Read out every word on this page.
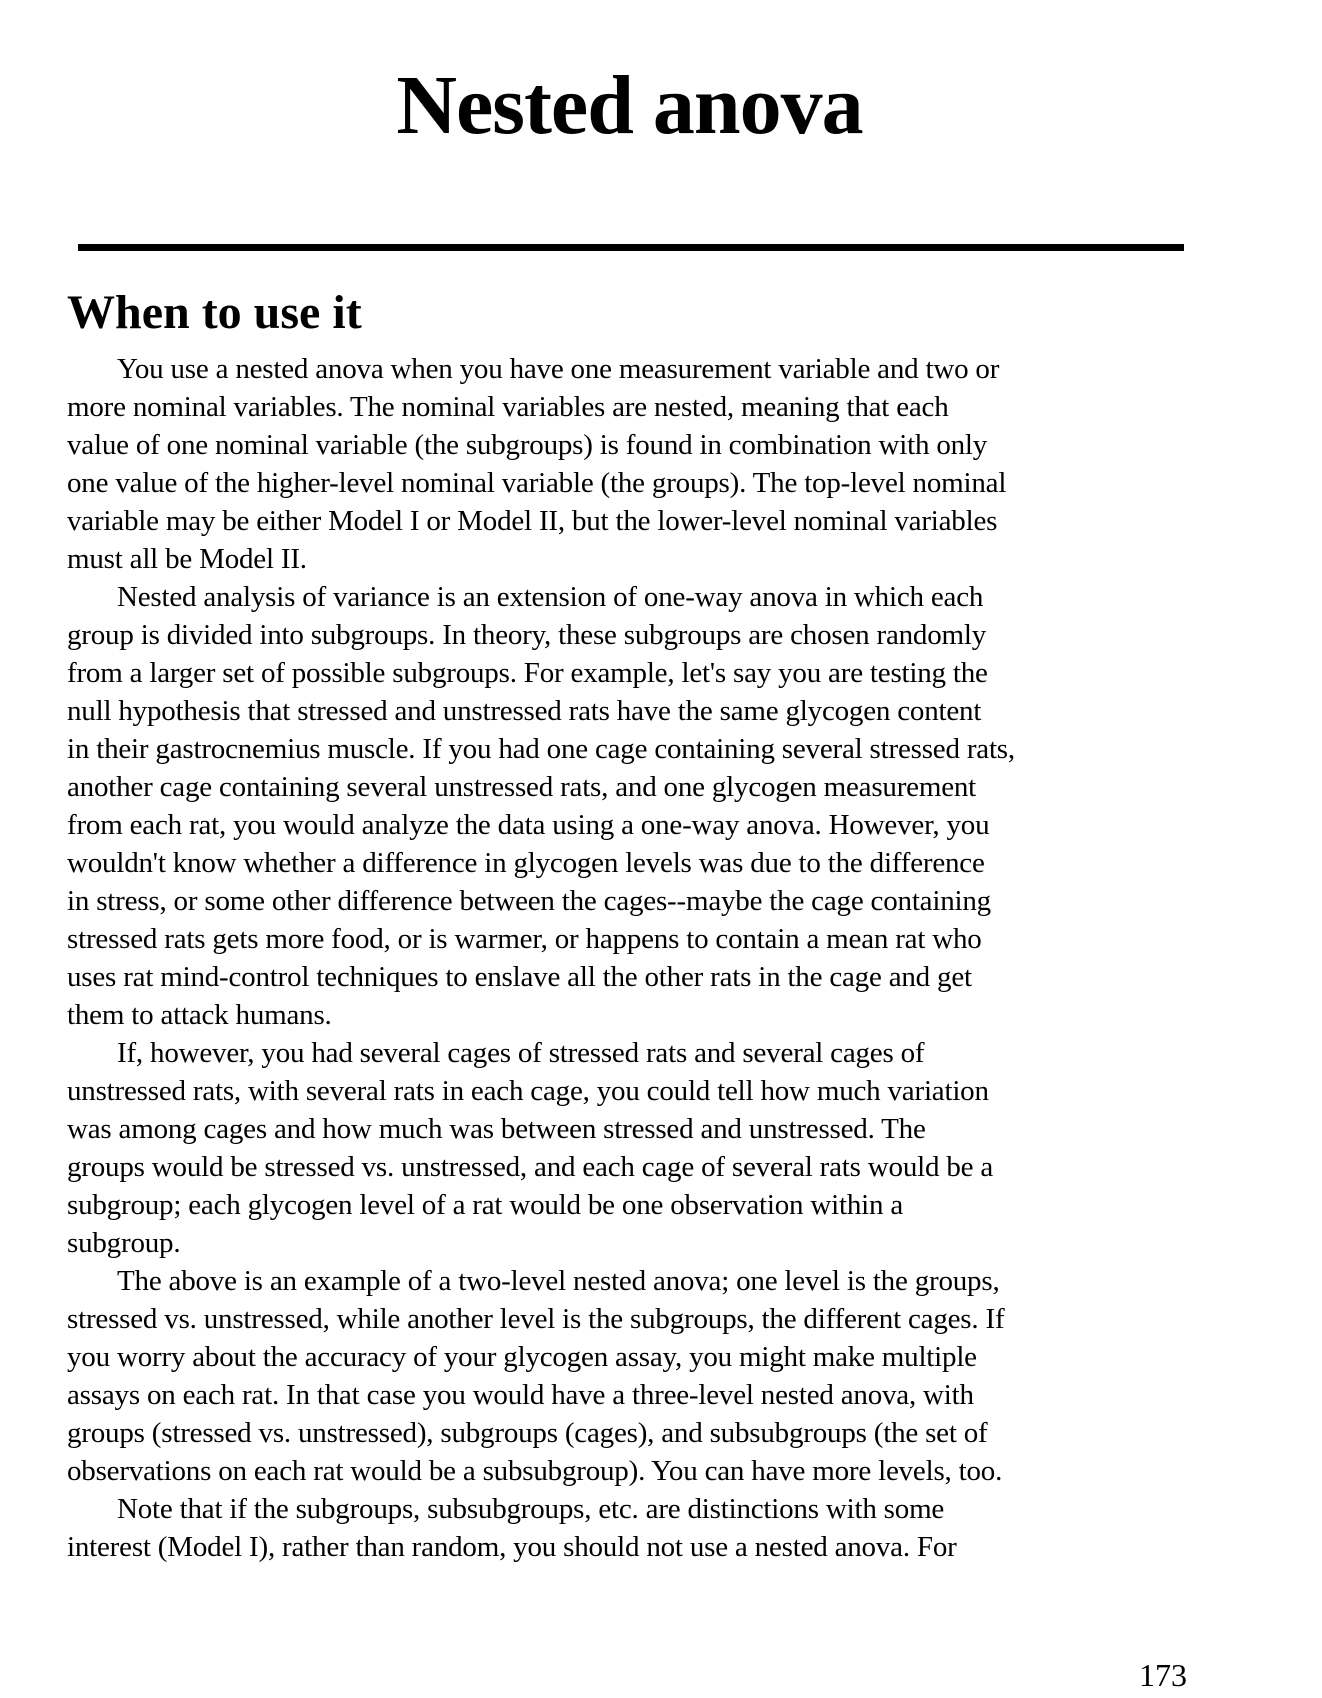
Nested anova
When to use it

You use a nested anova when you have one measurement variable and two or
more nominal variables. The nominal variables are nested, meaning that each
value of one nominal variable (the subgroups) is found in combination with only
one value of the higher-level nominal variable (the groups). The top-level nominal
variable may be either Model I or Model II, but the lower-level nominal variables
must all be Model II.

Nested analysis of variance is an extension of one-way anova in which each
group is divided into subgroups. In theory, these subgroups are chosen randomly
from a larger set of possible subgroups. For example, let's say you are testing the
null hypothesis that stressed and unstressed rats have the same glycogen content
in their gastrocnemius muscle. If you had one cage containing several stressed rats,
another cage containing several unstressed rats, and one glycogen measurement
from each rat, you would analyze the data using a one-way anova. However, you
wouldn't know whether a difference in glycogen levels was due to the difference
in stress, or some other difference between the cages--maybe the cage containing
stressed rats gets more food, or is warmer, or happens to contain a mean rat who
uses rat mind-control techniques to enslave all the other rats in the cage and get
them to attack humans.

If, however, you had several cages of stressed rats and several cages of
unstressed rats, with several rats in each cage, you could tell how much variation
was among cages and how much was between stressed and unstressed. The
groups would be stressed vs. unstressed, and each cage of several rats would be a
subgroup; each glycogen level of a rat would be one observation within a
subgroup.

The above is an example of a two-level nested anova; one level is the groups,
stressed vs. unstressed, while another level is the subgroups, the different cages. If
you worry about the accuracy of your glycogen assay, you might make multiple
assays on each rat. In that case you would have a three-level nested anova, with
groups (stressed vs. unstressed), subgroups (cages), and subsubgroups (the set of
observations on each rat would be a subsubgroup). You can have more levels, too.

Note that if the subgroups, subsubgroups, etc. are distinctions with some
interest (Model I), rather than random, you should not use a nested anova. For

173
